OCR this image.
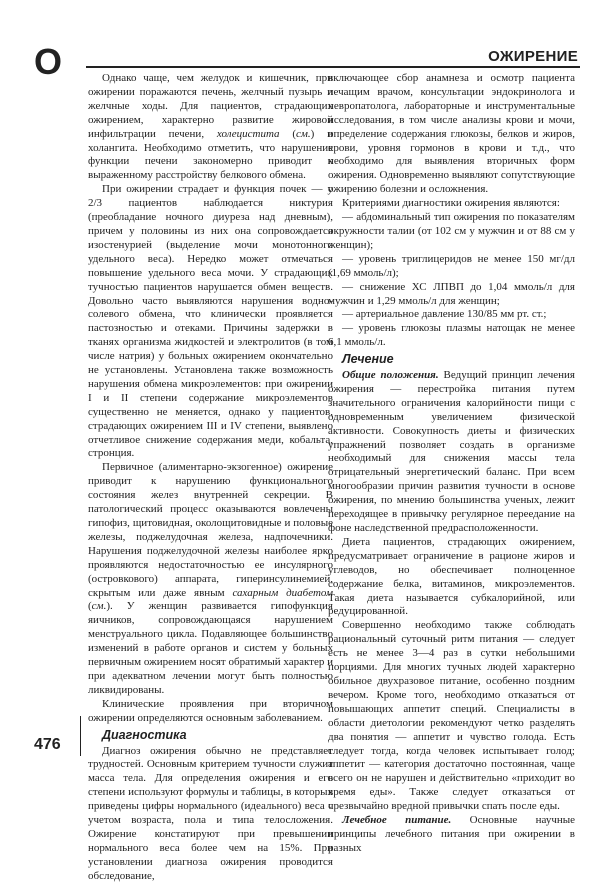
О	ОЖИРЕНИЕ

Однако чаще, чем желудок и кишечник, при ожирении поражаются печень, желчный пузырь и желчные ходы. Для пациентов, страдающих ожирением, характерно развитие жировой инфильтрации печени, холецистита (см.) и холангита. Необходимо отметить, что нарушение функции печени закономерно приводит к выраженному расстройству белкового обмена.

При ожирении страдает и функция почек — у 2/3 пациентов наблюдается никтурия (преобладание ночного диуреза над дневным), причем у половины из них она сопровождается изостенурией (выделение мочи монотонного удельного веса). Нередко может отмечаться повышение удельного веса мочи. У страдающих тучностью пациентов нарушается обмен веществ. Довольно часто выявляются нарушения водно-солевого обмена, что клинически проявляется пастозностью и отеками. Причины задержки в тканях организма жидкостей и электролитов (в том числе натрия) у больных ожирением окончательно не установлены. Установлена также возможность нарушения обмена микроэлементов: при ожирении I и II степени содержание микроэлементов существенно не меняется, однако у пациентов, страдающих ожирением III и IV степени, выявлено отчетливое снижение содержания меди, кобальта, стронция.

Первичное (алиментарно-экзогенное) ожирение приводит к нарушению функционального состояния желез внутренней секреции. В патологический процесс оказываются вовлечены гипофиз, щитовидная, околощитовидные и половые железы, поджелудочная железа, надпочечники. Нарушения поджелудочной железы наиболее ярко проявляются недостаточностью ее инсулярного (островкового) аппарата, гиперинсулинемией, скрытым или даже явным сахарным диабетом (см.). У женщин развивается гипофункция яичников, сопровождающаяся нарушением менструального цикла. Подавляющее большинство изменений в работе органов и систем у больных первичным ожирением носят обратимый характер и при адекватном лечении могут быть полностью ликвидированы.

Клинические проявления при вторичном ожирении определяются основным заболеванием.

Диагностика

Диагноз ожирения обычно не представляет трудностей. Основным критерием тучности служит масса тела. Для определения ожирения и его степени используют формулы и таблицы, в которых приведены цифры нормального (идеального) веса с учетом возраста, пола и типа телосложения. Ожирение констатируют при превышении нормального веса более чем на 15%. При установлении диагноза ожирения проводится обследование,

включающее сбор анамнеза и осмотр пациента лечащим врачом, консультации эндокринолога и невропатолога, лабораторные и инструментальные исследования, в том числе анализы крови и мочи, определение содержания глюкозы, белков и жиров, крови, уровня гормонов в крови и т.д., что необходимо для выявления вторичных форм ожирения. Одновременно выявляют сопутствующие ожирению болезни и осложнения.

Критериями диагностики ожирения являются:

— абдоминальный тип ожирения по показателям окружности талии (от 102 см у мужчин и от 88 см у женщин);

— уровень триглицеридов не менее 150 мг/дл (1,69 ммоль/л);

— снижение ХС ЛПВП до 1,04 ммоль/л для мужчин и 1,29 ммоль/л для женщин;

— артериальное давление 130/85 мм рт. ст.;

— уровень глюкозы плазмы натощак не менее 6,1 ммоль/л.

Лечение

Общие положения. Ведущий принцип лечения ожирения — перестройка питания путем значительного ограничения калорийности пищи с одновременным увеличением физической активности. Совокупность диеты и физических упражнений позволяет создать в организме необходимый для снижения массы тела отрицательный энергетический баланс. При всем многообразии причин развития тучности в основе ожирения, по мнению большинства ученых, лежит переходящее в привычку регулярное переедание на фоне наследственной предрасположенности.

Диета пациентов, страдающих ожирением, предусматривает ограничение в рационе жиров и углеводов, но обеспечивает полноценное содержание белка, витаминов, микроэлементов. Такая диета называется субкалорийной, или редуцированной.

Совершенно необходимо также соблюдать рациональный суточный ритм питания — следует есть не менее 3—4 раз в сутки небольшими порциями. Для многих тучных людей характерно обильное двухразовое питание, особенно поздним вечером. Кроме того, необходимо отказаться от повышающих аппетит специй. Специалисты в области диетологии рекомендуют четко разделять два понятия — аппетит и чувство голода. Есть следует тогда, когда человек испытывает голод; аппетит — категория достаточно постоянная, чаще всего он не нарушен и действительно «приходит во время еды». Также следует отказаться от чрезвычайно вредной привычки спать после еды.

Лечебное питание. Основные научные принципы лечебного питания при ожирении в разных

476
